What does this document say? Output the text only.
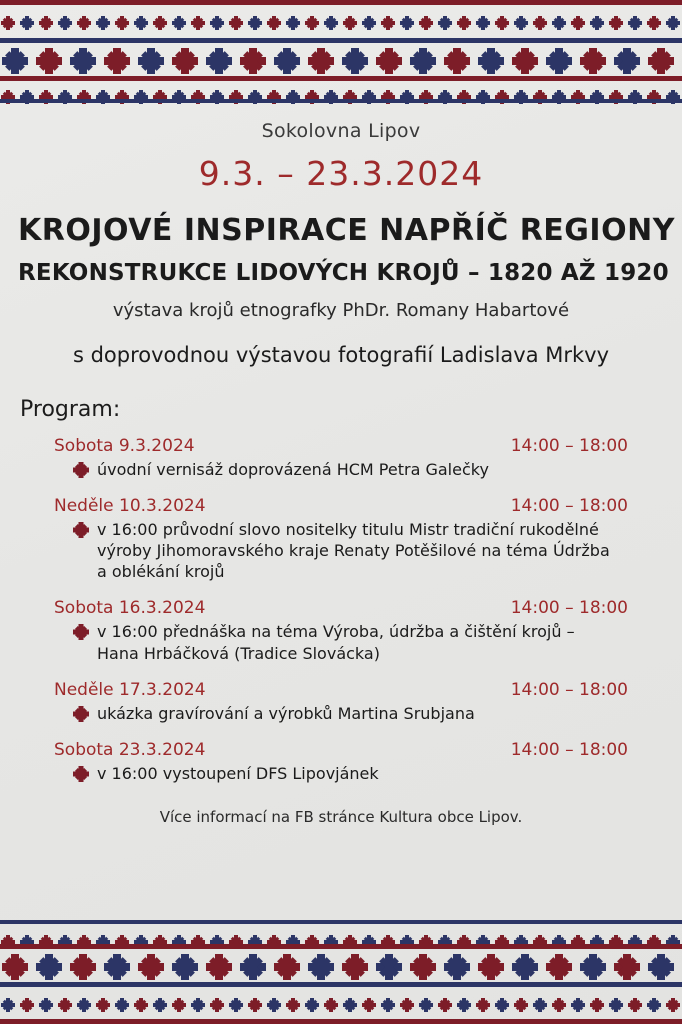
Sokolovna Lipov
9.3. – 23.3.2024
KROJOVÉ INSPIRACE NAPŘÍČ REGIONY
REKONSTRUKCE LIDOVÝCH KROJŮ – 1820 AŽ 1920
výstava krojů etnografky PhDr. Romany Habartové
s doprovodnou výstavou fotografií Ladislava Mrkvy
Program:
Sobota 9.3.2024	14:00 – 18:00
úvodní vernisáž doprovázená HCM Petra Galečky
Neděle 10.3.2024	14:00 – 18:00
v 16:00 průvodní slovo nositelky titulu Mistr tradiční rukodělné výroby Jihomoravského kraje Renaty Potěšilové na téma Údržba a oblékání krojů
Sobota 16.3.2024	14:00 – 18:00
v 16:00 přednáška na téma Výroba, údržba a čištění krojů – Hana Hrbáčková (Tradice Slovácka)
Neděle 17.3.2024	14:00 – 18:00
ukázka gravírování a výrobků Martina Srubjana
Sobota 23.3.2024	14:00 – 18:00
v 16:00 vystoupení DFS Lipovjánek
Více informací na FB stránce Kultura obce Lipov.
